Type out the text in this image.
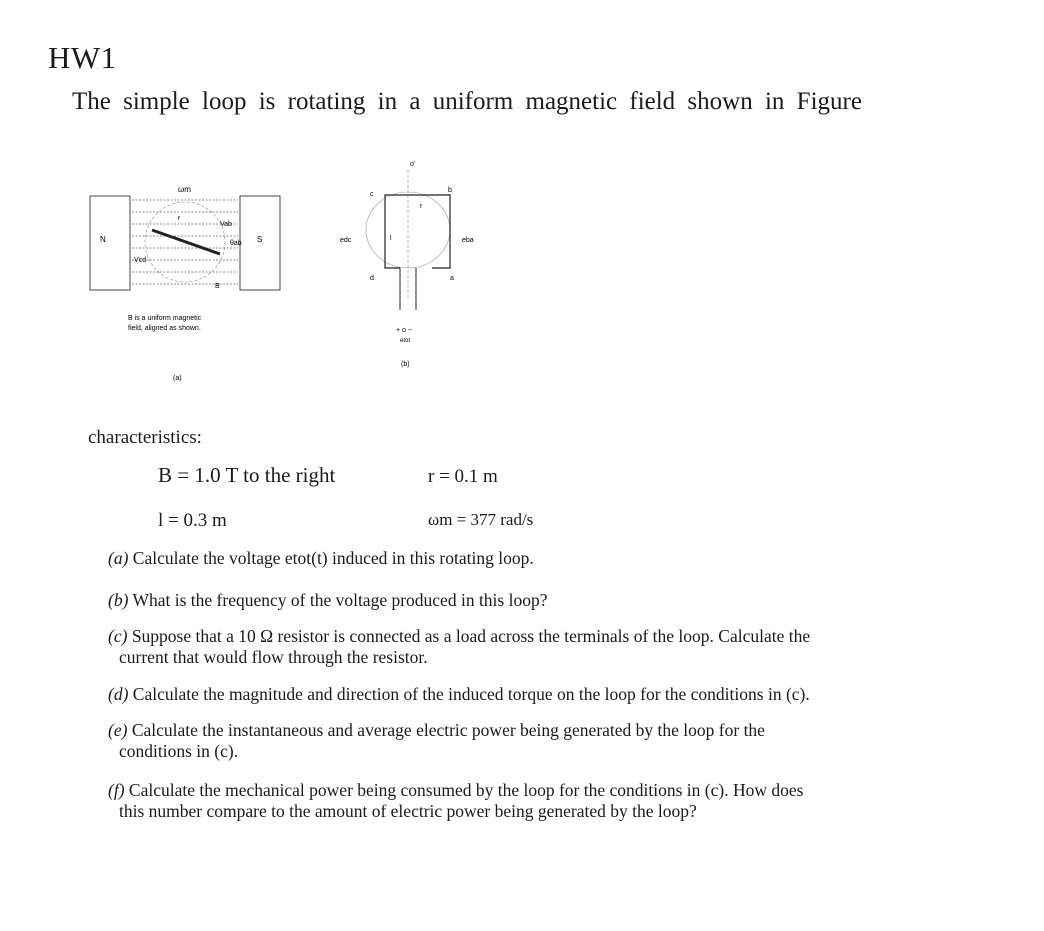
HW1
The simple loop is rotating in a uniform magnetic field shown in Figure
N	S
ωm
Vab
θab
Vcd
r
B
B is a uniform magnetic
field, aligned as shown.
(a)
o'
c
b
d	a
l
r
edc	eba
+ o −
etot
(b)
characteristics:
B = 1.0 T to the right	r = 0.1 m
l = 0.3 m	ωm = 377 rad/s
(a) Calculate the voltage etot(t) induced in this rotating loop.
(b) What is the frequency of the voltage produced in this loop?
(c) Suppose that a 10 Ω resistor is connected as a load across the terminals of the loop. Calculate the
current that would flow through the resistor.
(d) Calculate the magnitude and direction of the induced torque on the loop for the conditions in (c).
(e) Calculate the instantaneous and average electric power being generated by the loop for the
conditions in (c).
(f) Calculate the mechanical power being consumed by the loop for the conditions in (c). How does
this number compare to the amount of electric power being generated by the loop?
